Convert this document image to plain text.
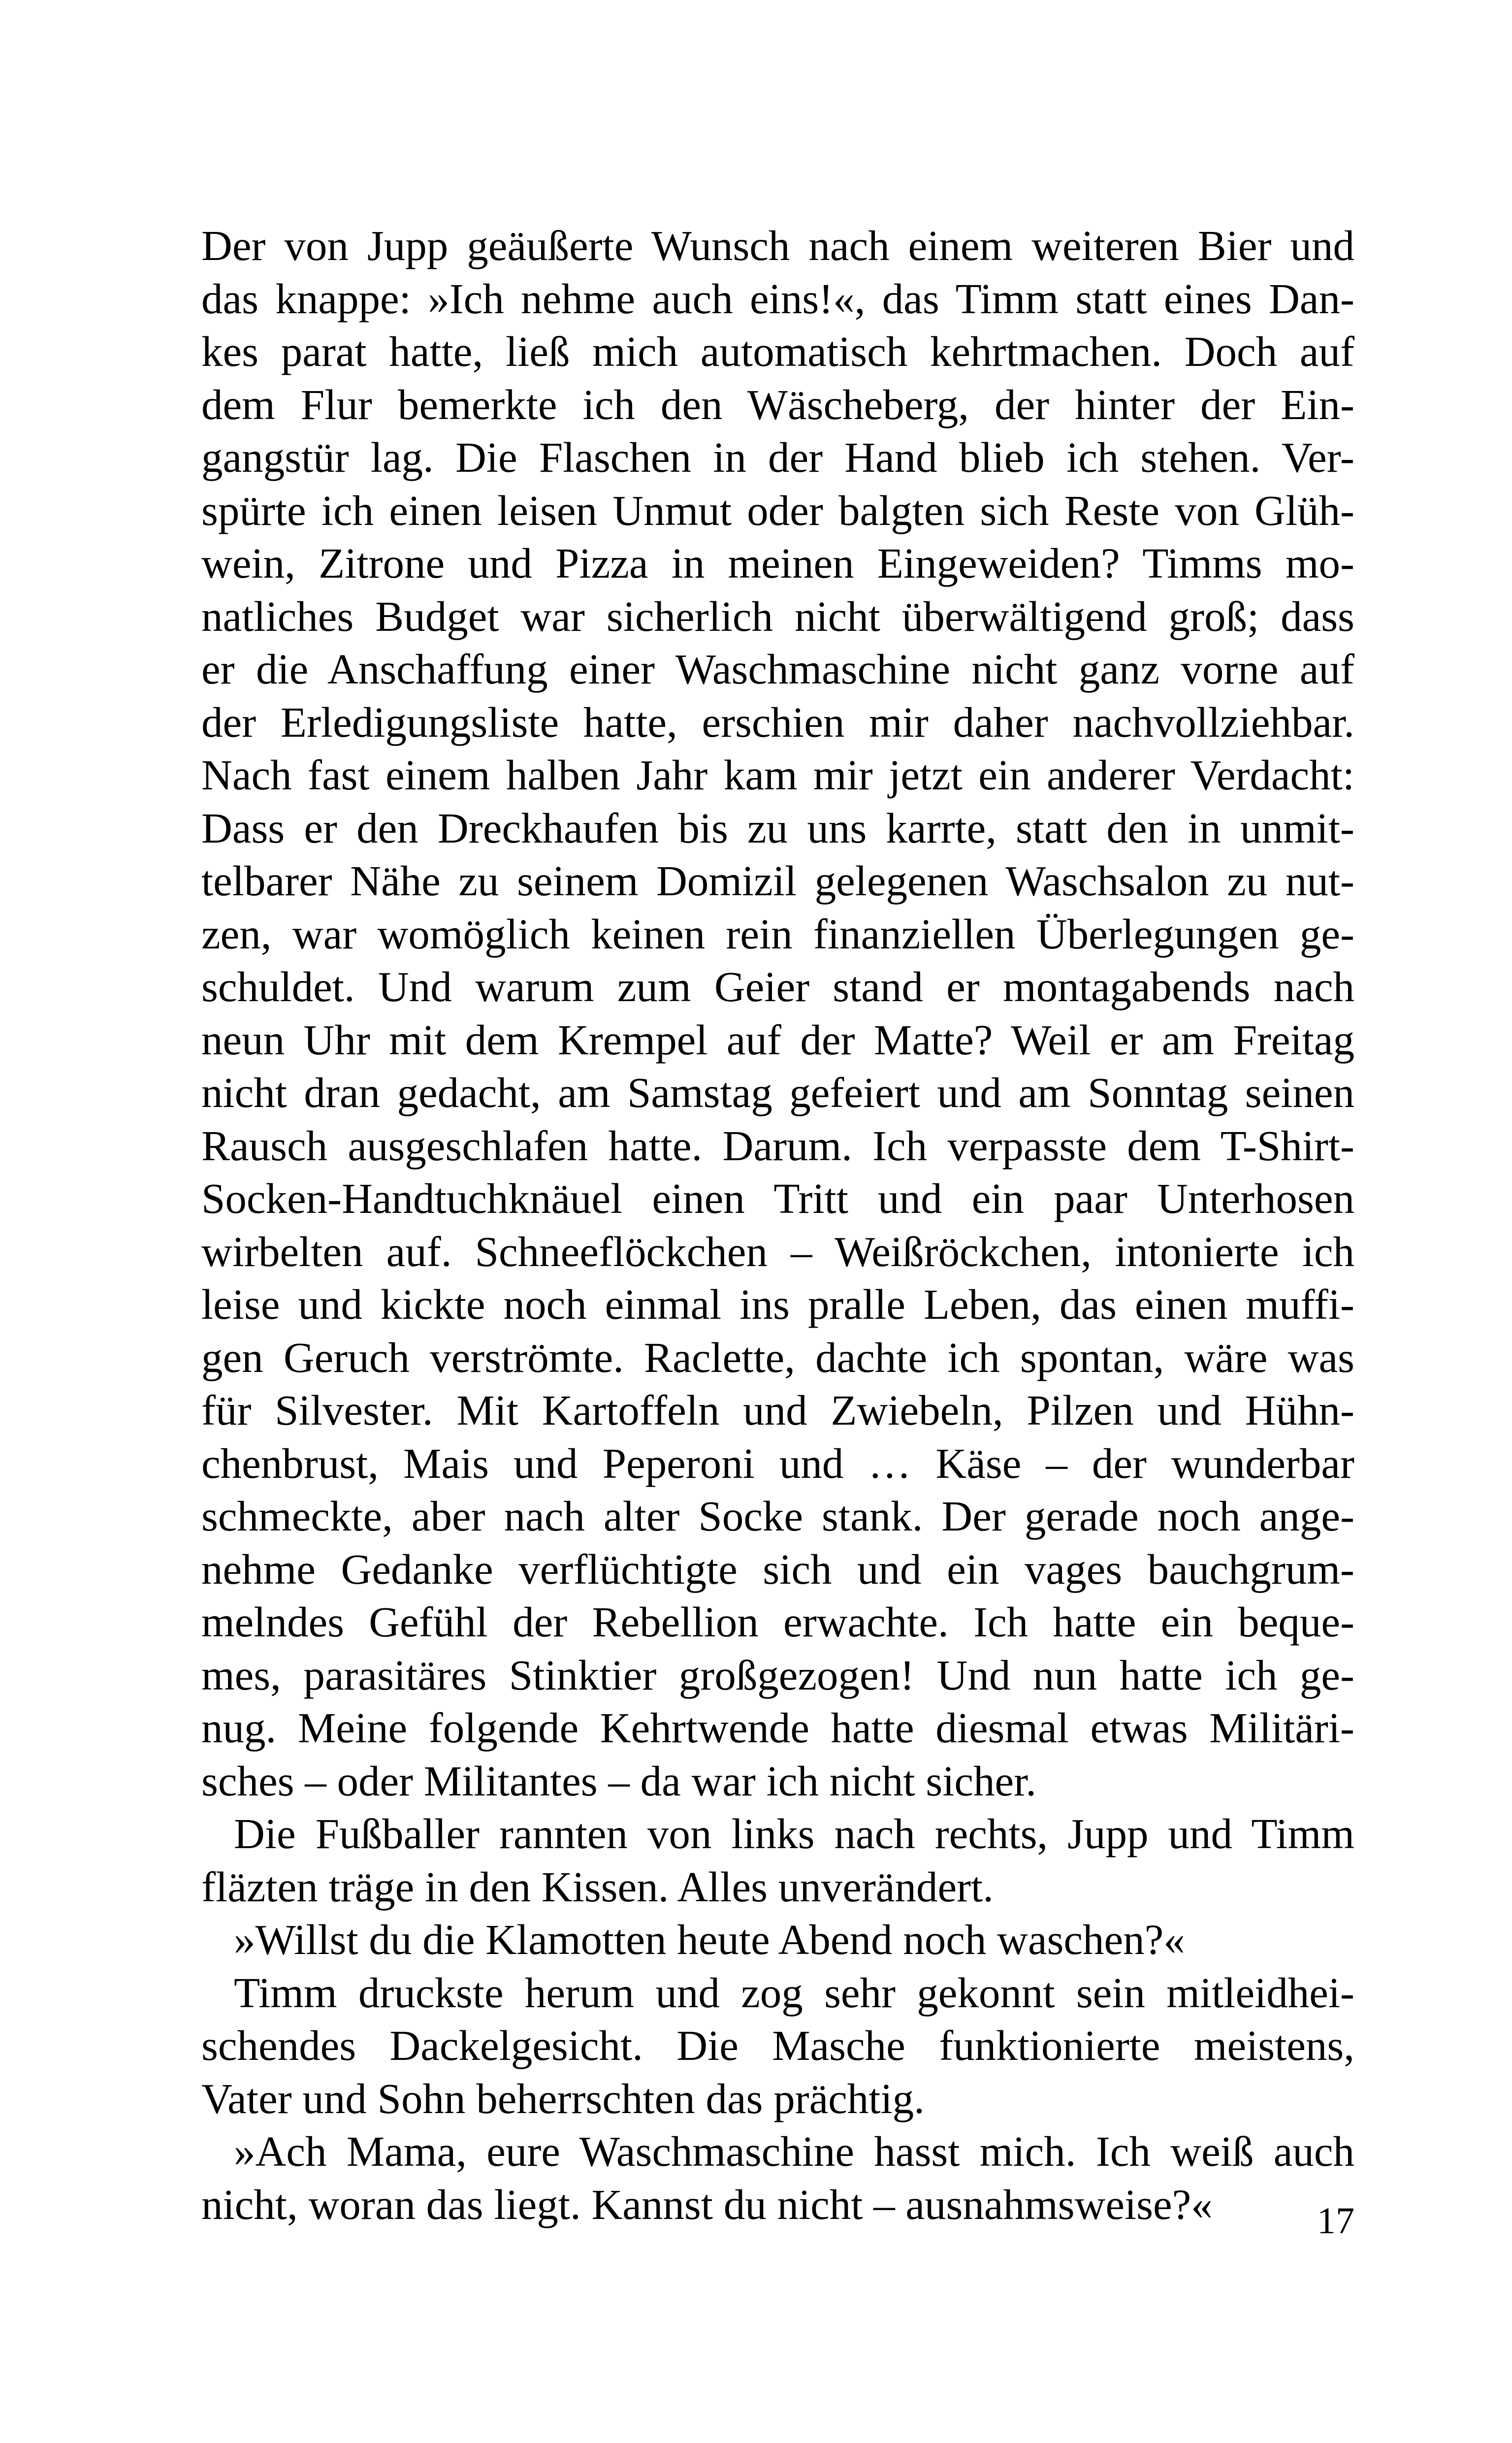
Der von Jupp geäußerte Wunsch nach einem weiteren Bier und
das knappe: »Ich nehme auch eins!«, das Timm statt eines Dan-
kes parat hatte, ließ mich automatisch kehrtmachen. Doch auf
dem Flur bemerkte ich den Wäscheberg, der hinter der Ein-
gangstür lag. Die Flaschen in der Hand blieb ich stehen. Ver-
spürte ich einen leisen Unmut oder balgten sich Reste von Glüh-
wein, Zitrone und Pizza in meinen Eingeweiden? Timms mo-
natliches Budget war sicherlich nicht überwältigend groß; dass
er die Anschaffung einer Waschmaschine nicht ganz vorne auf
der Erledigungsliste hatte, erschien mir daher nachvollziehbar.
Nach fast einem halben Jahr kam mir jetzt ein anderer Verdacht:
Dass er den Dreckhaufen bis zu uns karrte, statt den in unmit-
telbarer Nähe zu seinem Domizil gelegenen Waschsalon zu nut-
zen, war womöglich keinen rein finanziellen Überlegungen ge-
schuldet. Und warum zum Geier stand er montagabends nach
neun Uhr mit dem Krempel auf der Matte? Weil er am Freitag
nicht dran gedacht, am Samstag gefeiert und am Sonntag seinen
Rausch ausgeschlafen hatte. Darum. Ich verpasste dem T-Shirt-
Socken-Handtuchknäuel einen Tritt und ein paar Unterhosen
wirbelten auf. Schneeflöckchen – Weißröckchen, intonierte ich
leise und kickte noch einmal ins pralle Leben, das einen muffi-
gen Geruch verströmte. Raclette, dachte ich spontan, wäre was
für Silvester. Mit Kartoffeln und Zwiebeln, Pilzen und Hühn-
chenbrust, Mais und Peperoni und … Käse – der wunderbar
schmeckte, aber nach alter Socke stank. Der gerade noch ange-
nehme Gedanke verflüchtigte sich und ein vages bauchgrum-
melndes Gefühl der Rebellion erwachte. Ich hatte ein beque-
mes, parasitäres Stinktier großgezogen! Und nun hatte ich ge-
nug. Meine folgende Kehrtwende hatte diesmal etwas Militäri-
sches – oder Militantes – da war ich nicht sicher.
Die Fußballer rannten von links nach rechts, Jupp und Timm
fläzten träge in den Kissen. Alles unverändert.
»Willst du die Klamotten heute Abend noch waschen?«
Timm druckste herum und zog sehr gekonnt sein mitleidhei-
schendes Dackelgesicht. Die Masche funktionierte meistens,
Vater und Sohn beherrschten das prächtig.
»Ach Mama, eure Waschmaschine hasst mich. Ich weiß auch
nicht, woran das liegt. Kannst du nicht – ausnahmsweise?«	17
